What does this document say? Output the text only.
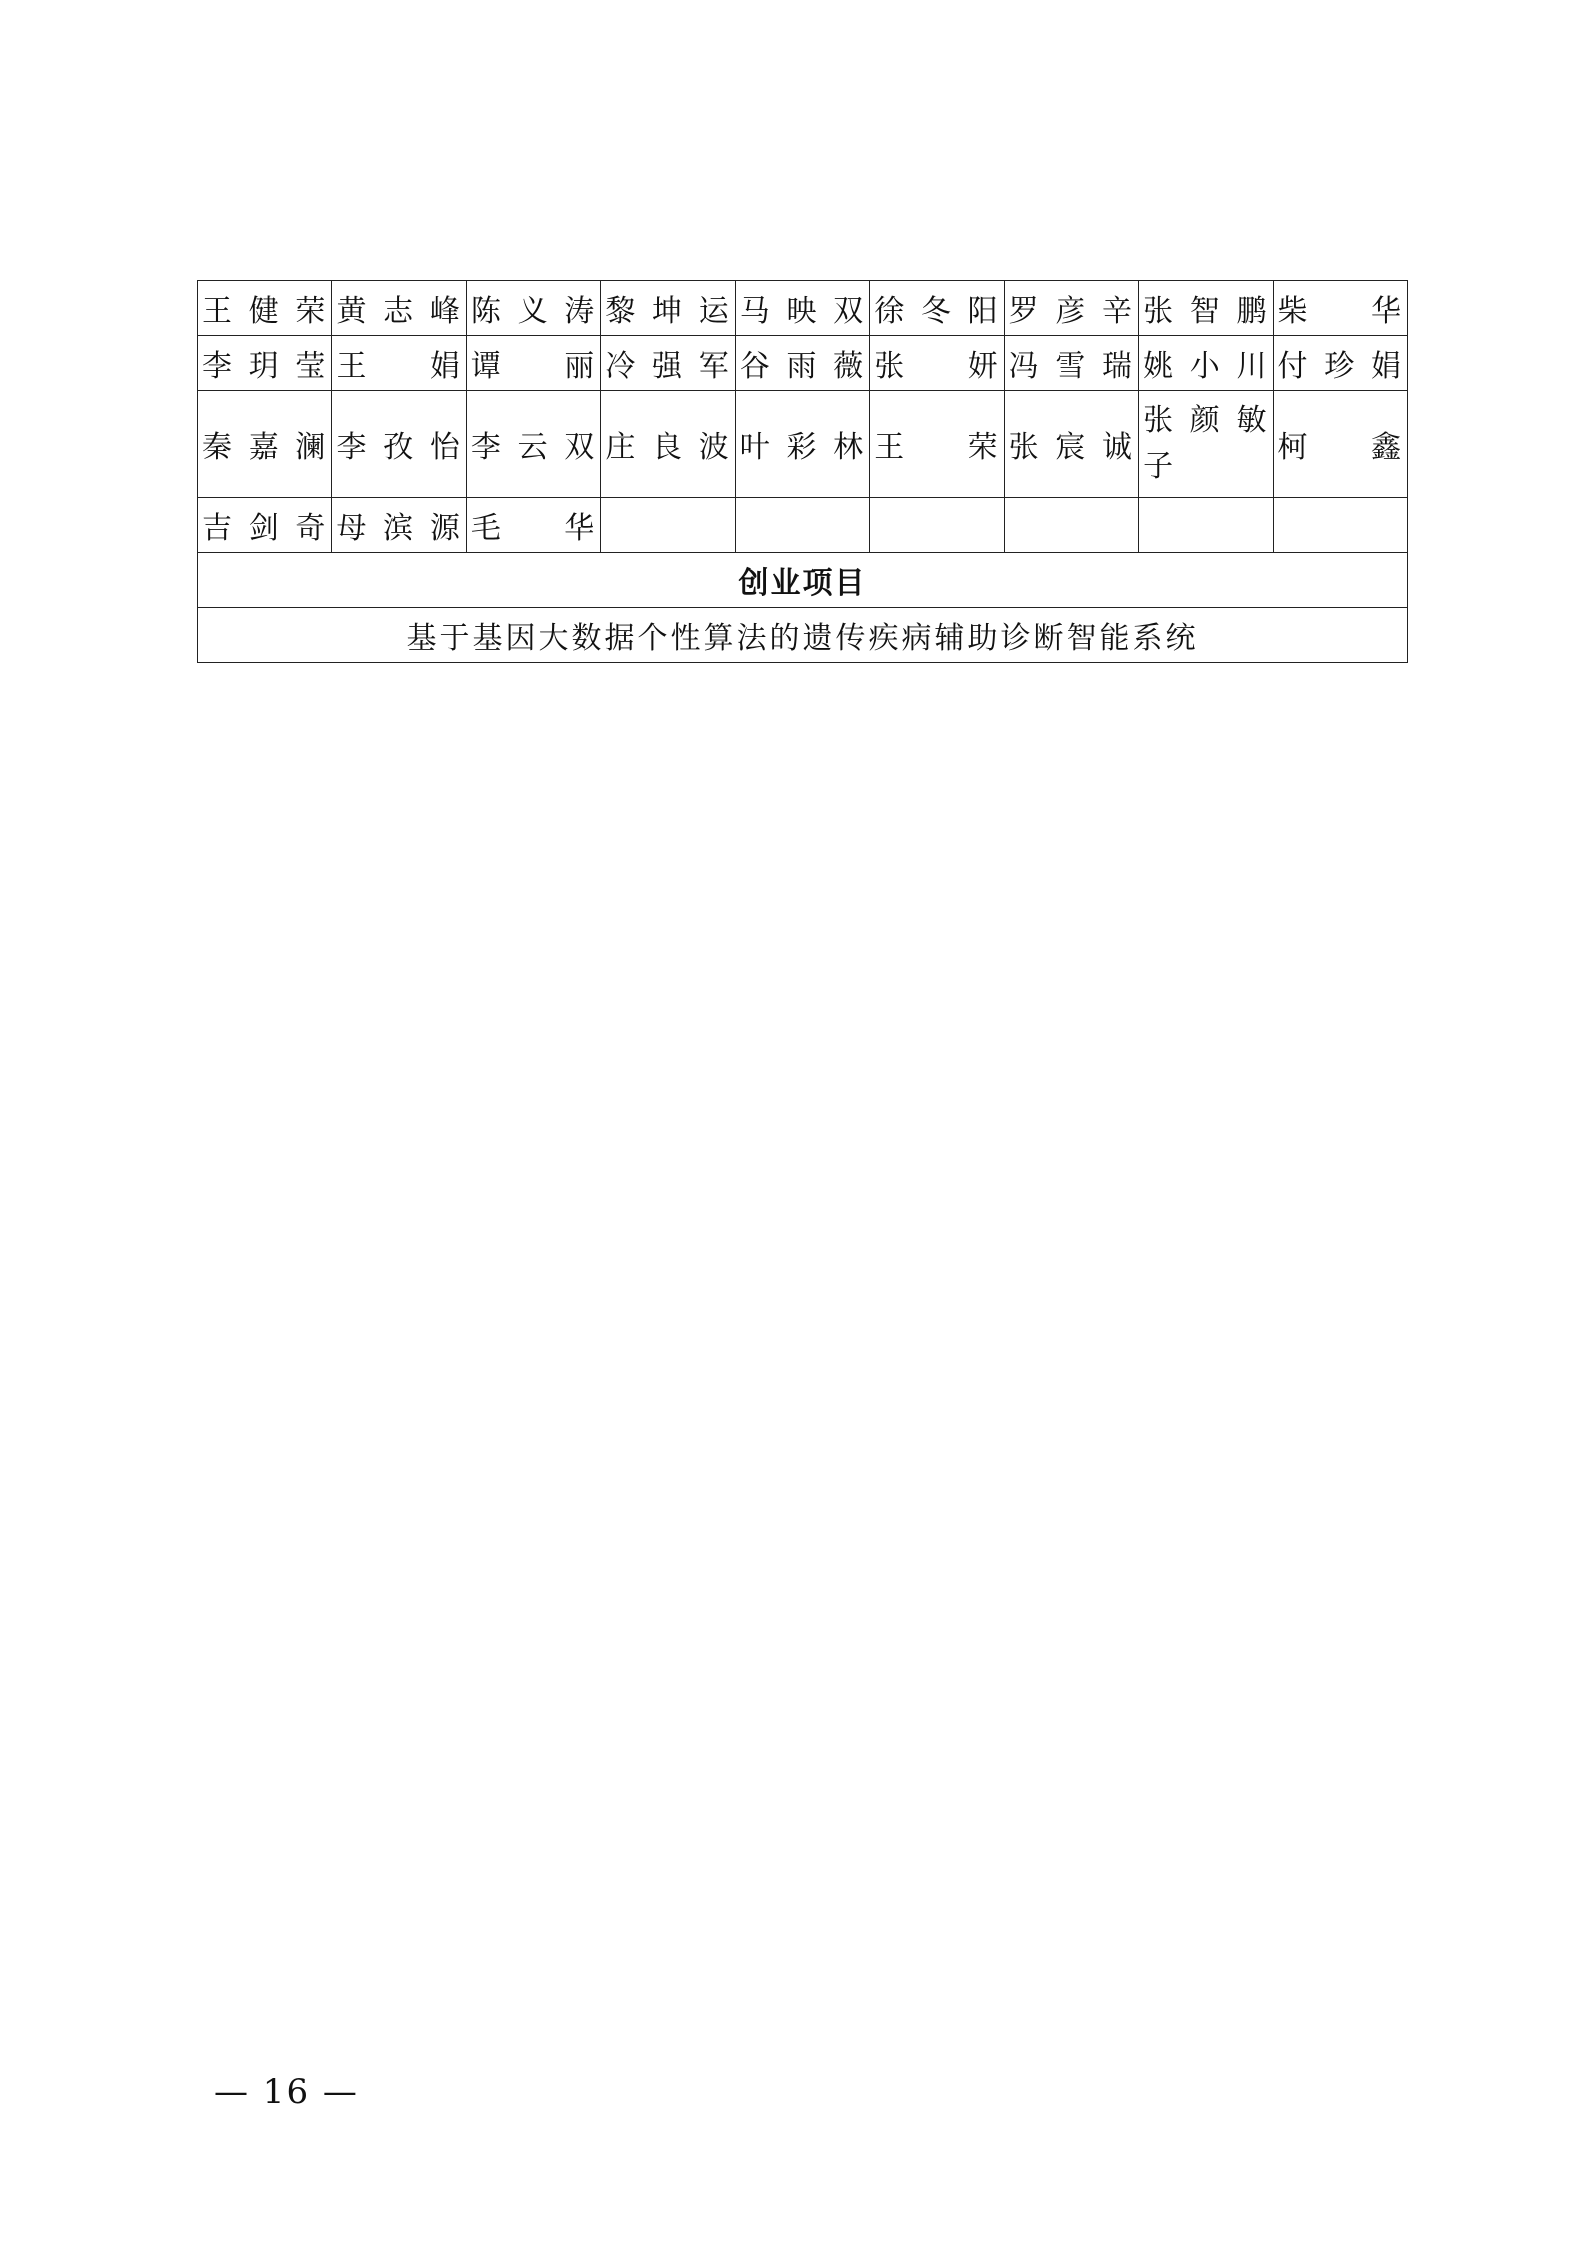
王健荣	黄志峰	陈义涛	黎坤运	马映双	徐冬阳	罗彦辛	张智鹏	柴　华
李玥莹	王　娟	谭　丽	冷强军	谷雨薇	张　妍	冯雪瑞	姚小川	付珍娟
秦嘉澜	李孜怡	李云双	庄良波	叶彩林	王　荣	张宸诚	张颜敏子	柯　鑫
吉剑奇	母滨源	毛　华						
创业项目								
基于基因大数据个性算法的遗传疾病辅助诊断智能系统								
— 16 —
